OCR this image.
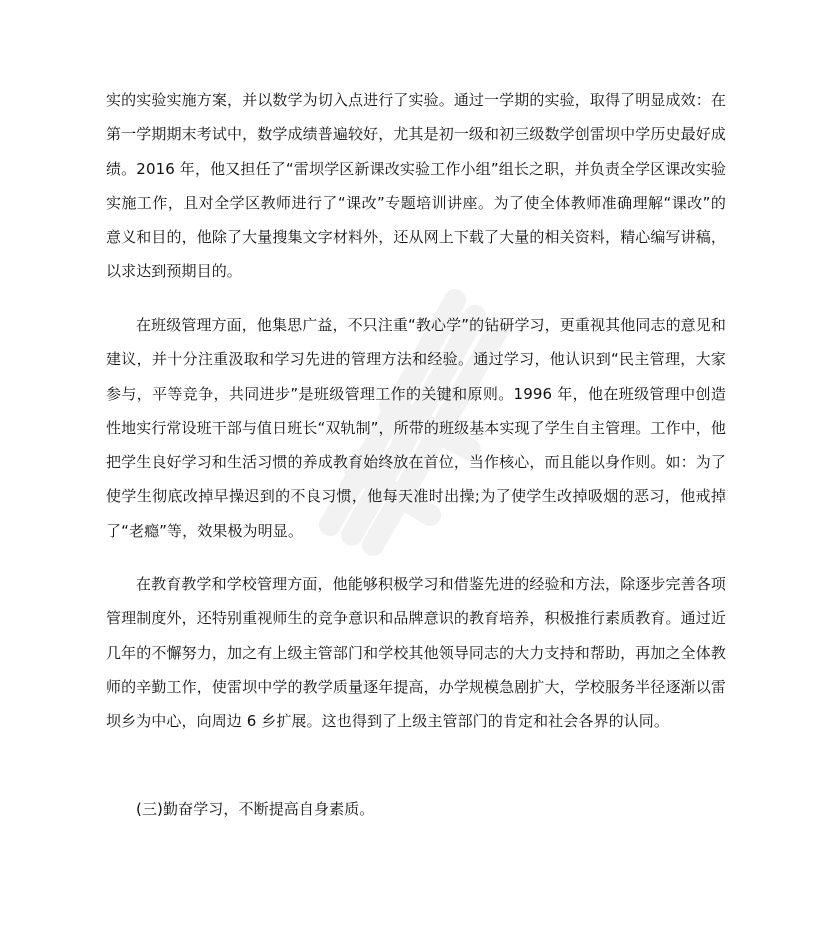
实的实验实施方案，并以数学为切入点进行了实验。通过一学期的实验，取得了明显成效：在第一学期期末考试中，数学成绩普遍较好，尤其是初一级和初三级数学创雷坝中学历史最好成绩。2016 年，他又担任了“雷坝学区新课改实验工作小组”组长之职，并负责全学区课改实验实施工作，且对全学区教师进行了“课改”专题培训讲座。为了使全体教师准确理解“课改”的意义和目的，他除了大量搜集文字材料外，还从网上下载了大量的相关资料，精心编写讲稿，以求达到预期目的。

在班级管理方面，他集思广益，不只注重“教心学”的钻研学习，更重视其他同志的意见和建议，并十分注重汲取和学习先进的管理方法和经验。通过学习，他认识到“民主管理，大家参与，平等竞争，共同进步”是班级管理工作的关键和原则。1996 年，他在班级管理中创造性地实行常设班干部与值日班长“双轨制”，所带的班级基本实现了学生自主管理。工作中，他把学生良好学习和生活习惯的养成教育始终放在首位，当作核心，而且能以身作则。如：为了使学生彻底改掉早操迟到的不良习惯，他每天准时出操;为了使学生改掉吸烟的恶习，他戒掉了“老瘾”等，效果极为明显。

在教育教学和学校管理方面，他能够积极学习和借鉴先进的经验和方法，除逐步完善各项管理制度外，还特别重视师生的竞争意识和品牌意识的教育培养，积极推行素质教育。通过近几年的不懈努力，加之有上级主管部门和学校其他领导同志的大力支持和帮助，再加之全体教师的辛勤工作，使雷坝中学的教学质量逐年提高，办学规模急剧扩大，学校服务半径逐渐以雷坝乡为中心，向周边 6 乡扩展。这也得到了上级主管部门的肯定和社会各界的认同。

(三)勤奋学习，不断提高自身素质。
